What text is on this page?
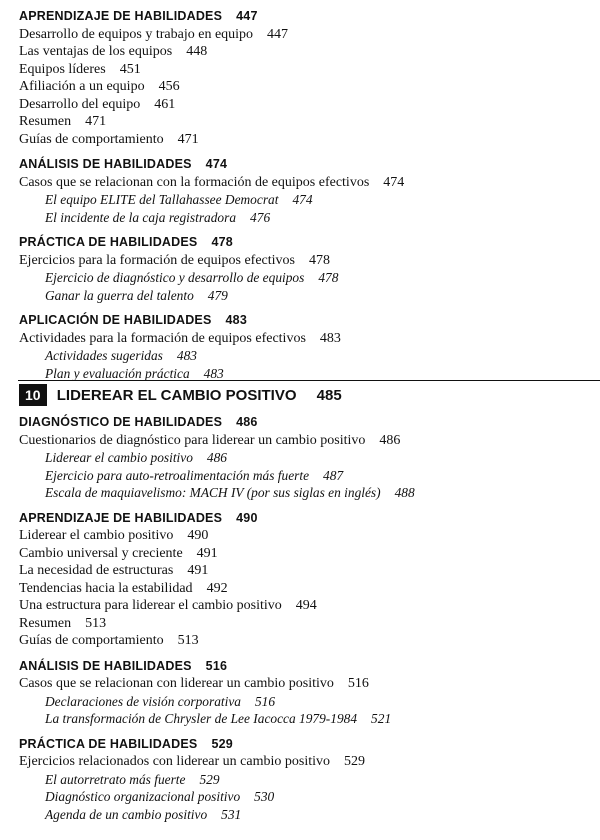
APRENDIZAJE DE HABILIDADES 447
Desarrollo de equipos y trabajo en equipo 447
Las ventajas de los equipos 448
Equipos líderes 451
Afiliación a un equipo 456
Desarrollo del equipo 461
Resumen 471
Guías de comportamiento 471
ANÁLISIS DE HABILIDADES 474
Casos que se relacionan con la formación de equipos efectivos 474
El equipo ELITE del Tallahassee Democrat 474
El incidente de la caja registradora 476
PRÁCTICA DE HABILIDADES 478
Ejercicios para la formación de equipos efectivos 478
Ejercicio de diagnóstico y desarrollo de equipos 478
Ganar la guerra del talento 479
APLICACIÓN DE HABILIDADES 483
Actividades para la formación de equipos efectivos 483
Actividades sugeridas 483
Plan y evaluación práctica 483
10 LIDEREAR EL CAMBIO POSITIVO 485
DIAGNÓSTICO DE HABILIDADES 486
Cuestionarios de diagnóstico para liderear un cambio positivo 486
Liderear el cambio positivo 486
Ejercicio para auto-retroalimentación más fuerte 487
Escala de maquiavelismo: MACH IV (por sus siglas en inglés) 488
APRENDIZAJE DE HABILIDADES 490
Liderear el cambio positivo 490
Cambio universal y creciente 491
La necesidad de estructuras 491
Tendencias hacia la estabilidad 492
Una estructura para liderear el cambio positivo 494
Resumen 513
Guías de comportamiento 513
ANÁLISIS DE HABILIDADES 516
Casos que se relacionan con liderear un cambio positivo 516
Declaraciones de visión corporativa 516
La transformación de Chrysler de Lee Iacocca 1979-1984 521
PRÁCTICA DE HABILIDADES 529
Ejercicios relacionados con liderear un cambio positivo 529
El autorretrato más fuerte 529
Diagnóstico organizacional positivo 530
Agenda de un cambio positivo 531
